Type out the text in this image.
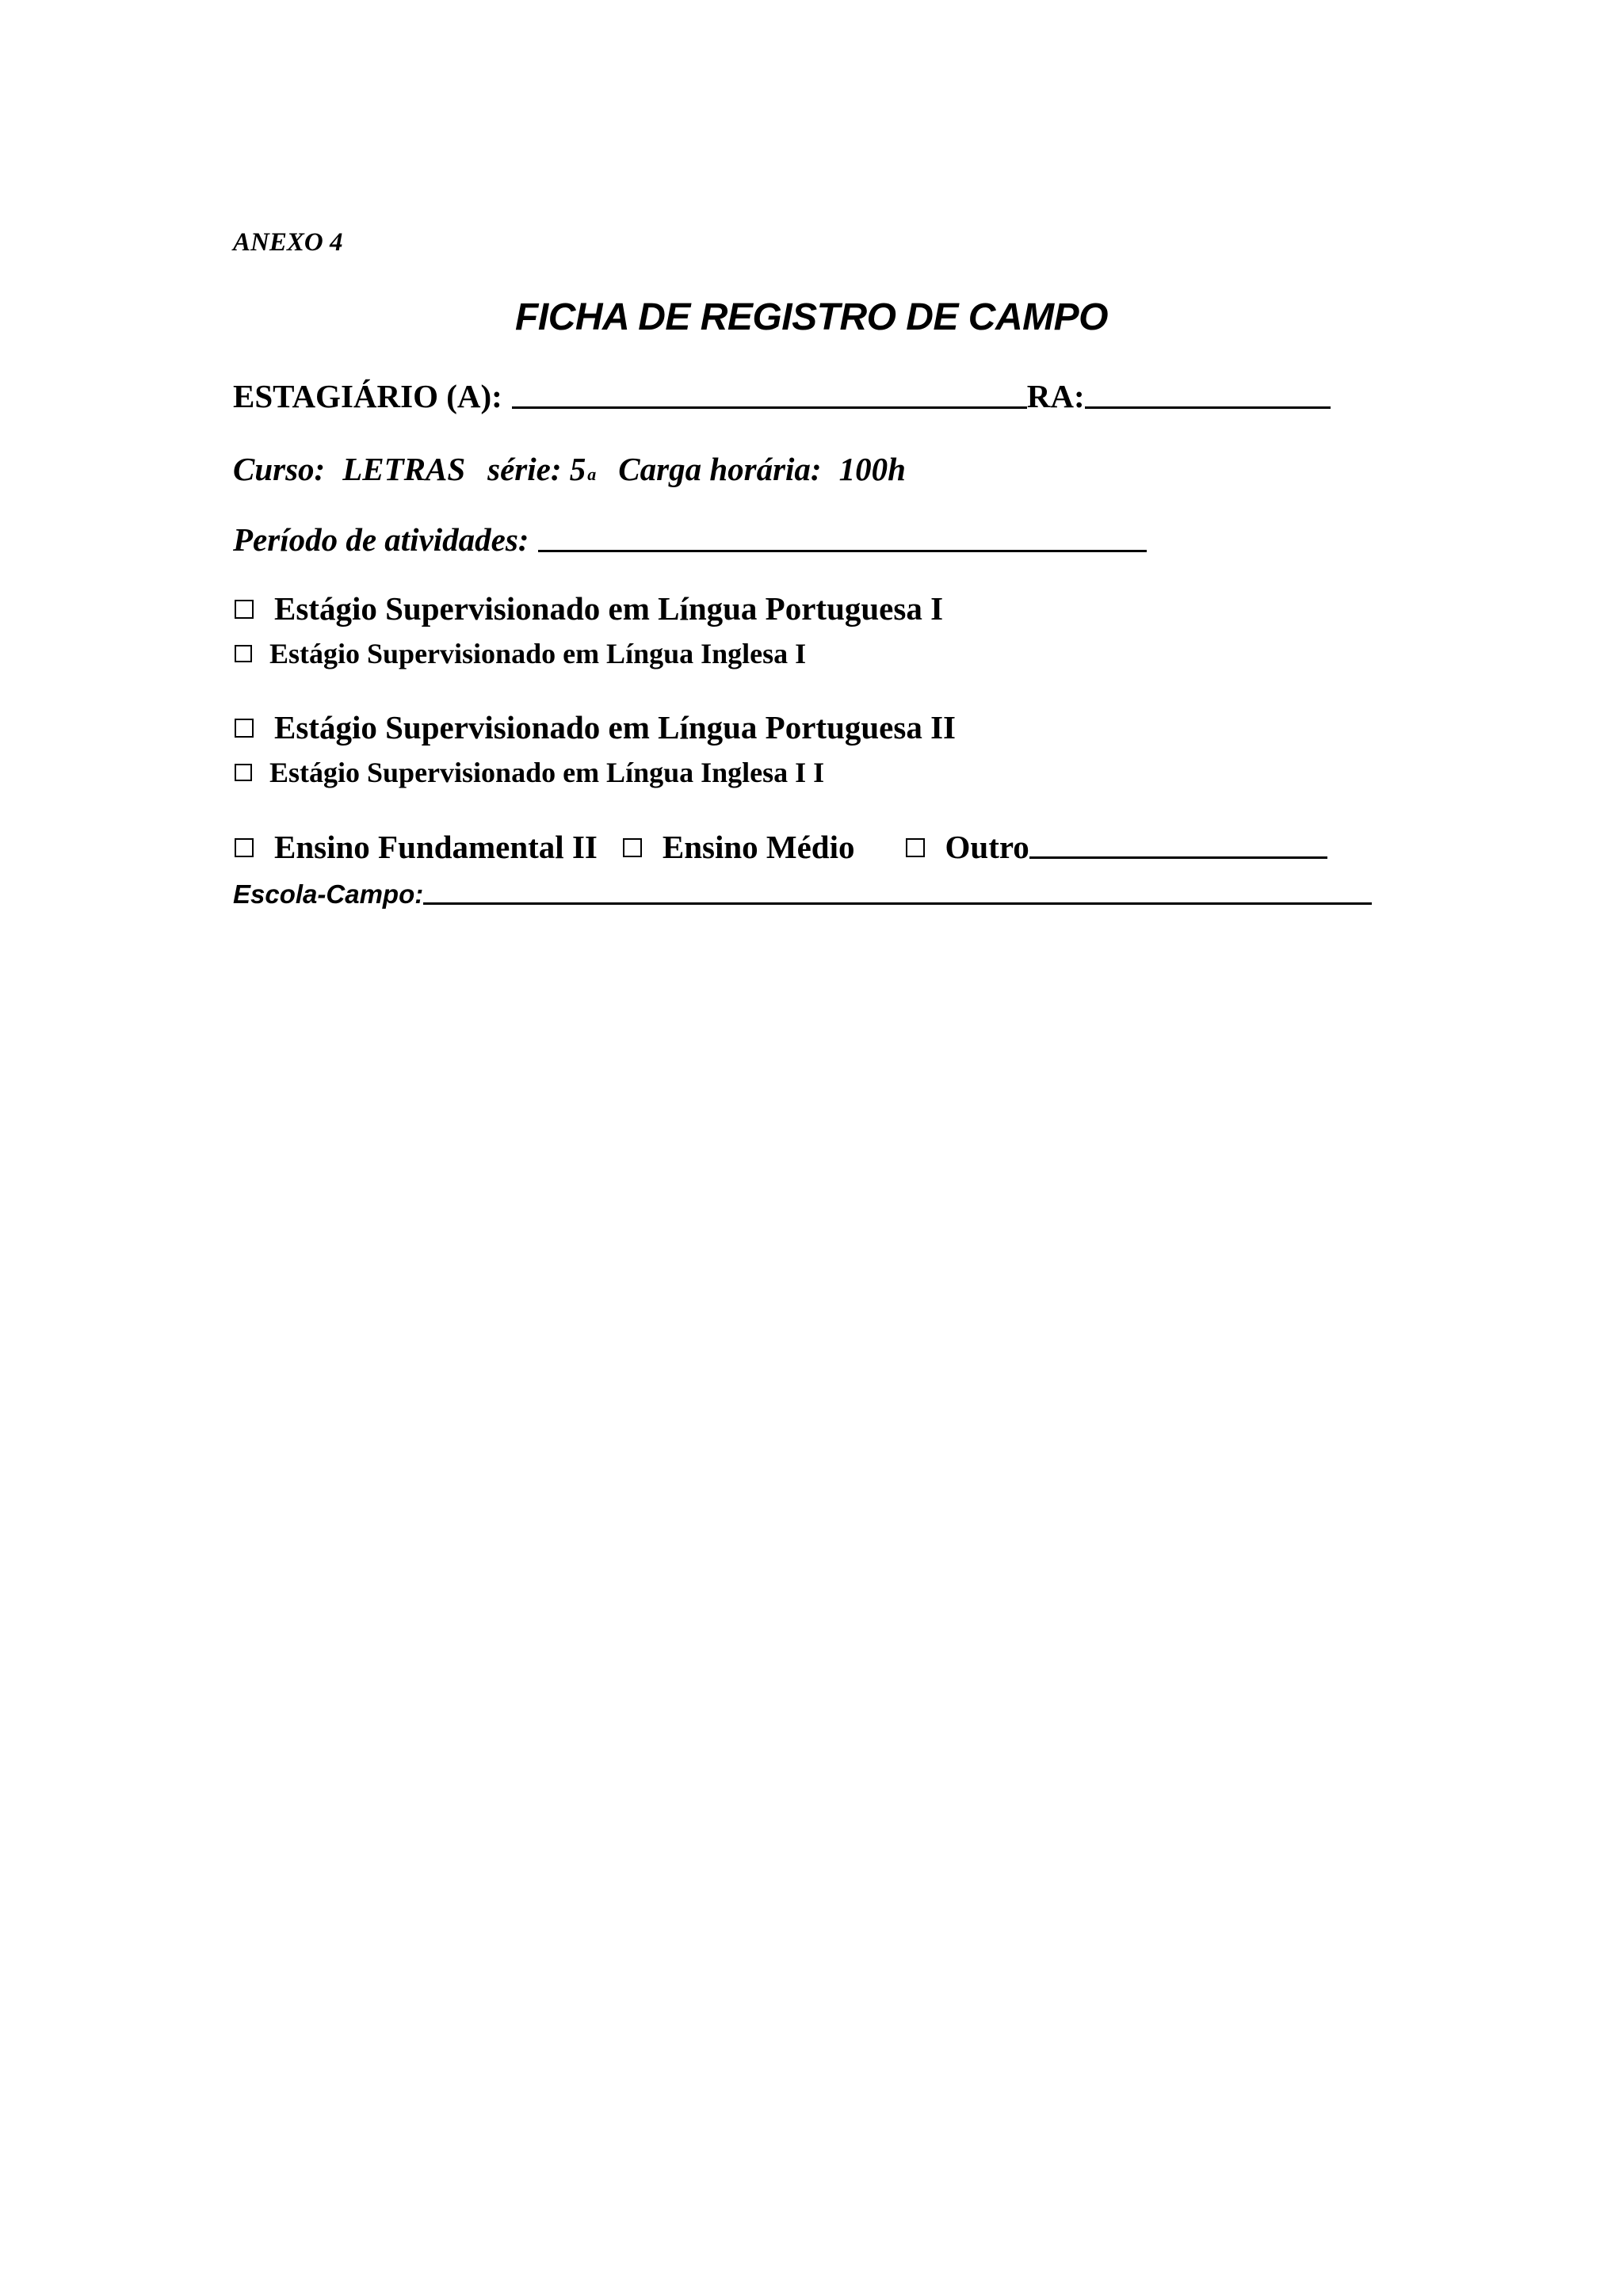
ANEXO 4
FICHA DE REGISTRO DE CAMPO
ESTAGIÁRIO (A):	RA:
Curso: LETRAS série: 5 a Carga horária: 100h
Período de atividades:
Estágio Supervisionado em Língua Portuguesa I
Estágio Supervisionado em Língua Inglesa I
Estágio Supervisionado em Língua Portuguesa II
Estágio Supervisionado em Língua Inglesa I I
Ensino Fundamental II Ensino Médio	Outro
Escola-Campo:
